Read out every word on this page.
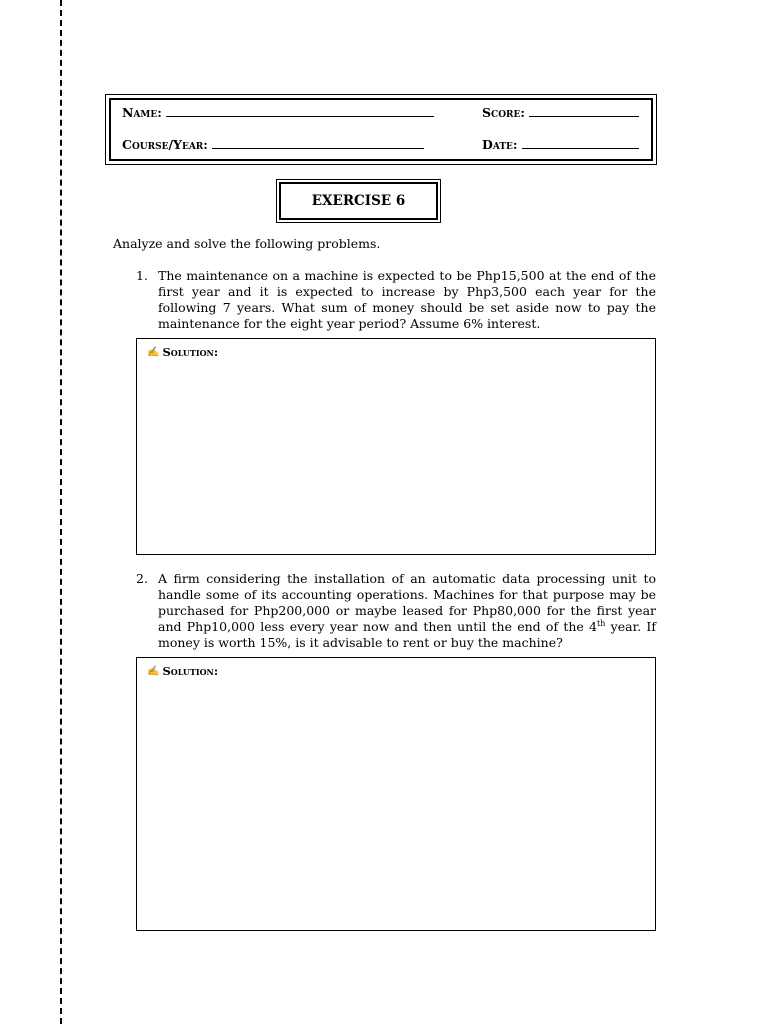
Name:	Score:
Course/Year:	Date:
EXERCISE 6
Analyze and solve the following problems.
1. The maintenance on a machine is expected to be Php15,500 at the end of the first year and it is expected to increase by Php3,500 each year for the following 7 years. What sum of money should be set aside now to pay the maintenance for the eight year period? Assume 6% interest.
✍ Solution:
2. A firm considering the installation of an automatic data processing unit to handle some of its accounting operations. Machines for that purpose may be purchased for Php200,000 or maybe leased for Php80,000 for the first year and Php10,000 less every year now and then until the end of the 4th year. If money is worth 15%, is it advisable to rent or buy the machine?
✍ Solution:
